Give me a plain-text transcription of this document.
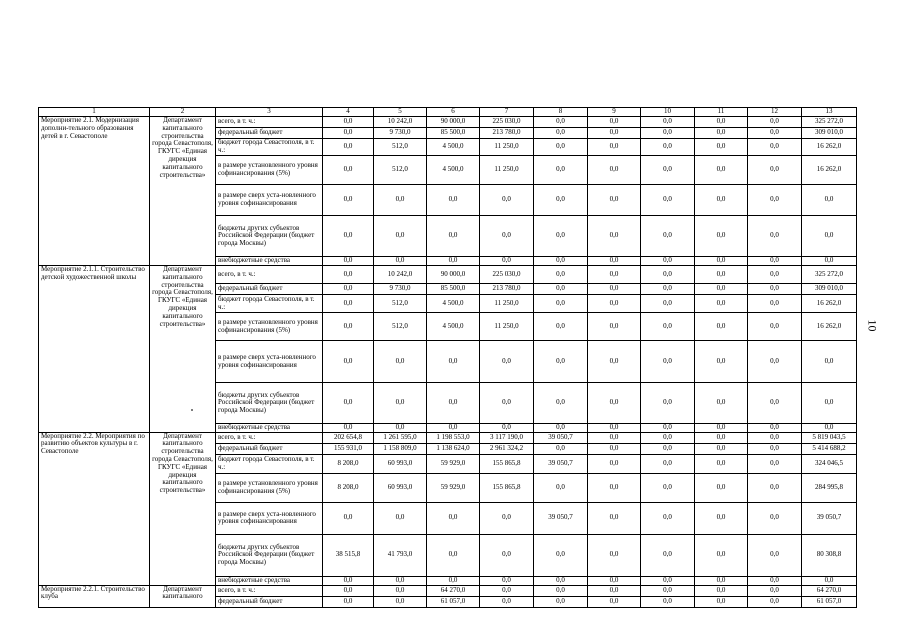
1	2	3	4	5	6	7	8	9	10	11	12	13
Мероприятие 2.1. Модернизация дополни-тельного образования детей в г. Севастополе	Департамент капитального строительства города Севастополя, ГКУГС «Единая дирекция капитального строительства»	всего, в т. ч.:	0,0	10 242,0	90 000,0	225 030,0	0,0	0,0	0,0	0,0	0,0	325 272,0
		федеральный бюджет	0,0	9 730,0	85 500,0	213 780,0	0,0	0,0	0,0	0,0	0,0	309 010,0
		бюджет города Севастополя, в т. ч.:	0,0	512,0	4 500,0	11 250,0	0,0	0,0	0,0	0,0	0,0	16 262,0
		в размере установленного уровня софинансирования (5%)	0,0	512,0	4 500,0	11 250,0	0,0	0,0	0,0	0,0	0,0	16 262,0
		в размере сверх уста-новленного уровня софинансирования	0,0	0,0	0,0	0,0	0,0	0,0	0,0	0,0	0,0	0,0
		бюджеты других субъектов Российской Федерации (бюджет города Москвы)	0,0	0,0	0,0	0,0	0,0	0,0	0,0	0,0	0,0	0,0
		внебюджетные средства	0,0	0,0	0,0	0,0	0,0	0,0	0,0	0,0	0,0	0,0
Мероприятие 2.1.1. Строительство детской художественной школы	Департамент капитального строительства города Севастополя, ГКУГС «Единая дирекция капитального строительства»	всего, в т. ч.:	0,0	10 242,0	90 000,0	225 030,0	0,0	0,0	0,0	0,0	0,0	325 272,0
		федеральный бюджет	0,0	9 730,0	85 500,0	213 780,0	0,0	0,0	0,0	0,0	0,0	309 010,0
		бюджет города Севастополя, в т. ч.:	0,0	512,0	4 500,0	11 250,0	0,0	0,0	0,0	0,0	0,0	16 262,0
		в размере установленного уровня софинансирования (5%)	0,0	512,0	4 500,0	11 250,0	0,0	0,0	0,0	0,0	0,0	16 262,0
		в размере сверх уста-новленного уровня софинансирования	0,0	0,0	0,0	0,0	0,0	0,0	0,0	0,0	0,0	0,0
		бюджеты других субъектов Российской Федерации (бюджет города Москвы)	0,0	0,0	0,0	0,0	0,0	0,0	0,0	0,0	0,0	0,0
		внебюджетные средства	0,0	0,0	0,0	0,0	0,0	0,0	0,0	0,0	0,0	0,0
Мероприятие 2.2. Мероприятия по развитию объектов культуры в г. Севастополе	Департамент капитального строительства города Севастополя, ГКУГС «Единая дирекция капитального строительства»	всего, в т. ч.:	202 654,8	1 261 595,0	1 198 553,0	3 117 190,0	39 050,7	0,0	0,0	0,0	0,0	5 819 043,5
		федеральный бюджет	155 931,0	1 158 809,0	1 138 624,0	2 961 324,2	0,0	0,0	0,0	0,0	0,0	5 414 688,2
		бюджет города Севастополя, в т. ч.:	8 208,0	60 993,0	59 929,0	155 865,8	39 050,7	0,0	0,0	0,0	0,0	324 046,5
		в размере установленного уровня софинансирования (5%)	8 208,0	60 993,0	59 929,0	155 865,8	0,0	0,0	0,0	0,0	0,0	284 995,8
		в размере сверх уста-новленного уровня софинансирования	0,0	0,0	0,0	0,0	39 050,7	0,0	0,0	0,0	0,0	39 050,7
		бюджеты других субъектов Российской Федерации (бюджет города Москвы)	38 515,8	41 793,0	0,0	0,0	0,0	0,0	0,0	0,0	0,0	80 308,8
		внебюджетные средства	0,0	0,0	0,0	0,0	0,0	0,0	0,0	0,0	0,0	0,0
Мероприятие 2.2.1. Строительство клуба	Департамент капитального	всего, в т. ч.:	0,0	0,0	64 270,0	0,0	0,0	0,0	0,0	0,0	0,0	64 270,0
		федеральный бюджет	0,0	0,0	61 057,0	0,0	0,0	0,0	0,0	0,0	0,0	61 057,0
10
